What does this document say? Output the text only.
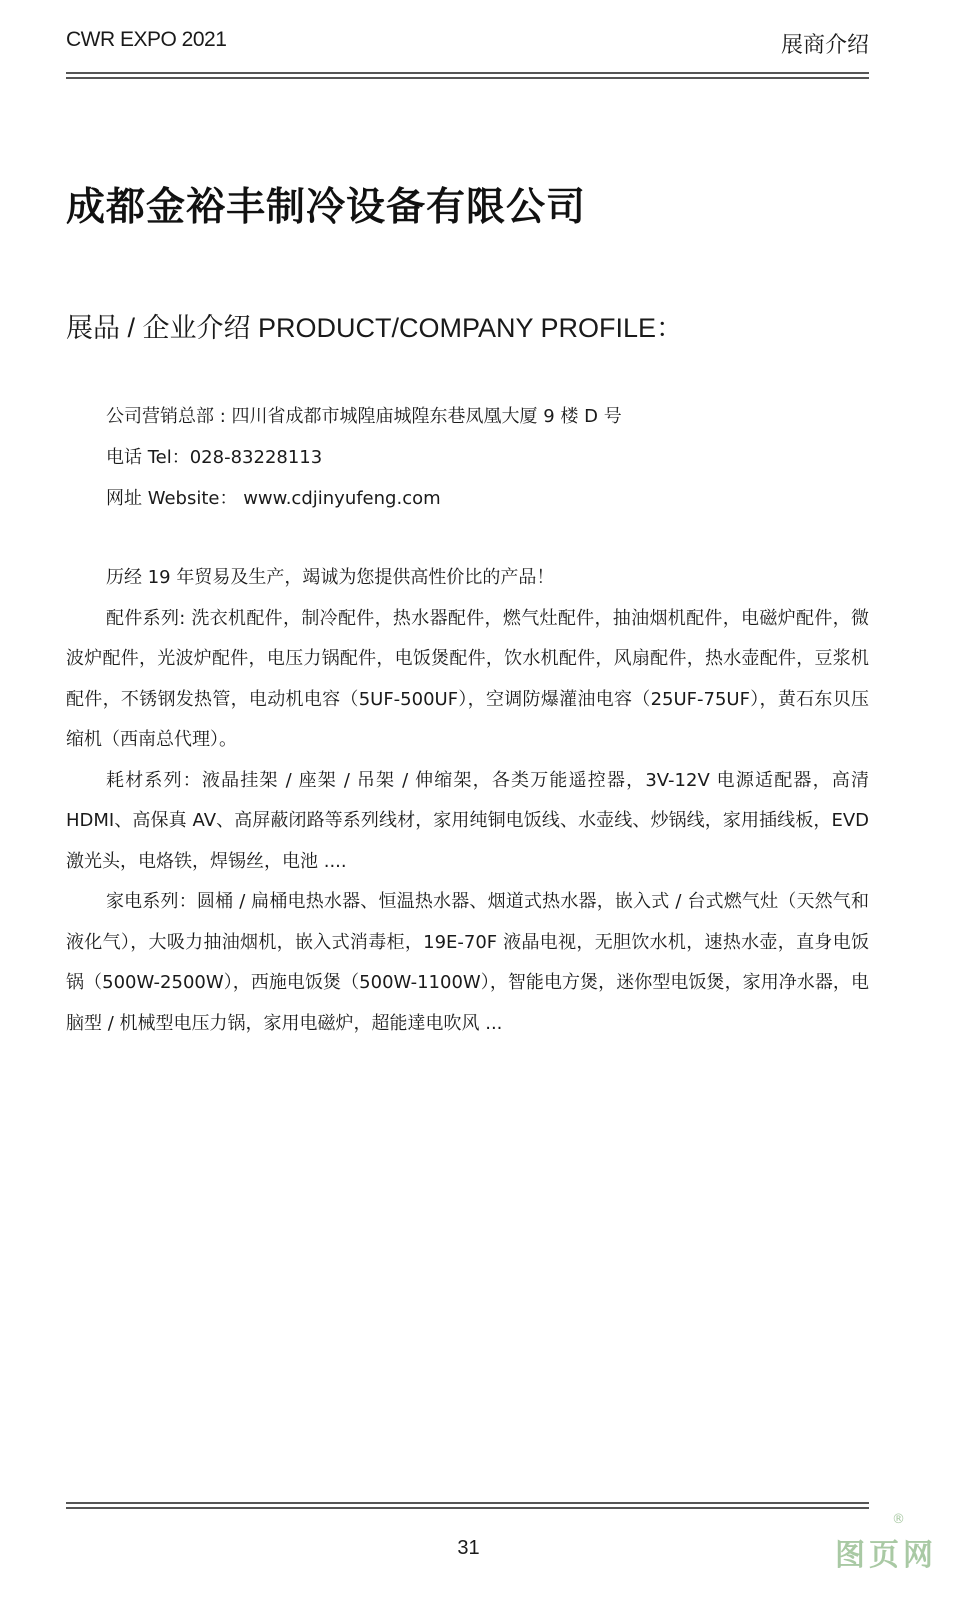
CWR EXPO 2021	展商介绍
成都金裕丰制冷设备有限公司
展品 / 企业介绍 PRODUCT/COMPANY PROFILE：
公司营销总部 : 四川省成都市城隍庙城隍东巷凤凰大厦 9 楼 D 号
电话 Tel：028-83228113
网址 Website： www.cdjinyufeng.com

历经 19 年贸易及生产，竭诚为您提供高性价比的产品！

配件系列: 洗衣机配件，制冷配件，热水器配件，燃气灶配件，抽油烟机配件，电磁炉配件，微波炉配件，光波炉配件，电压力锅配件，电饭煲配件，饮水机配件，风扇配件，热水壶配件，豆浆机配件，不锈钢发热管，电动机电容（5UF-500UF），空调防爆灌油电容（25UF-75UF），黄石东贝压缩机（西南总代理）。

耗材系列：液晶挂架 / 座架 / 吊架 / 伸缩架，各类万能遥控器，3V-12V 电源适配器，高清 HDMI、高保真 AV、高屏蔽闭路等系列线材，家用纯铜电饭线、水壶线、炒锅线，家用插线板，EVD 激光头，电烙铁，焊锡丝，电池 ....

家电系列：圆桶 / 扁桶电热水器、恒温热水器、烟道式热水器，嵌入式 / 台式燃气灶（天然气和液化气），大吸力抽油烟机，嵌入式消毒柜，19E-70F 液晶电视，无胆饮水机，速热水壶，直身电饭锅（500W-2500W），西施电饭煲（500W-1100W），智能电方煲，迷你型电饭煲，家用净水器，电脑型 / 机械型电压力锅，家用电磁炉，超能達电吹风 ...

31
®
图页网
